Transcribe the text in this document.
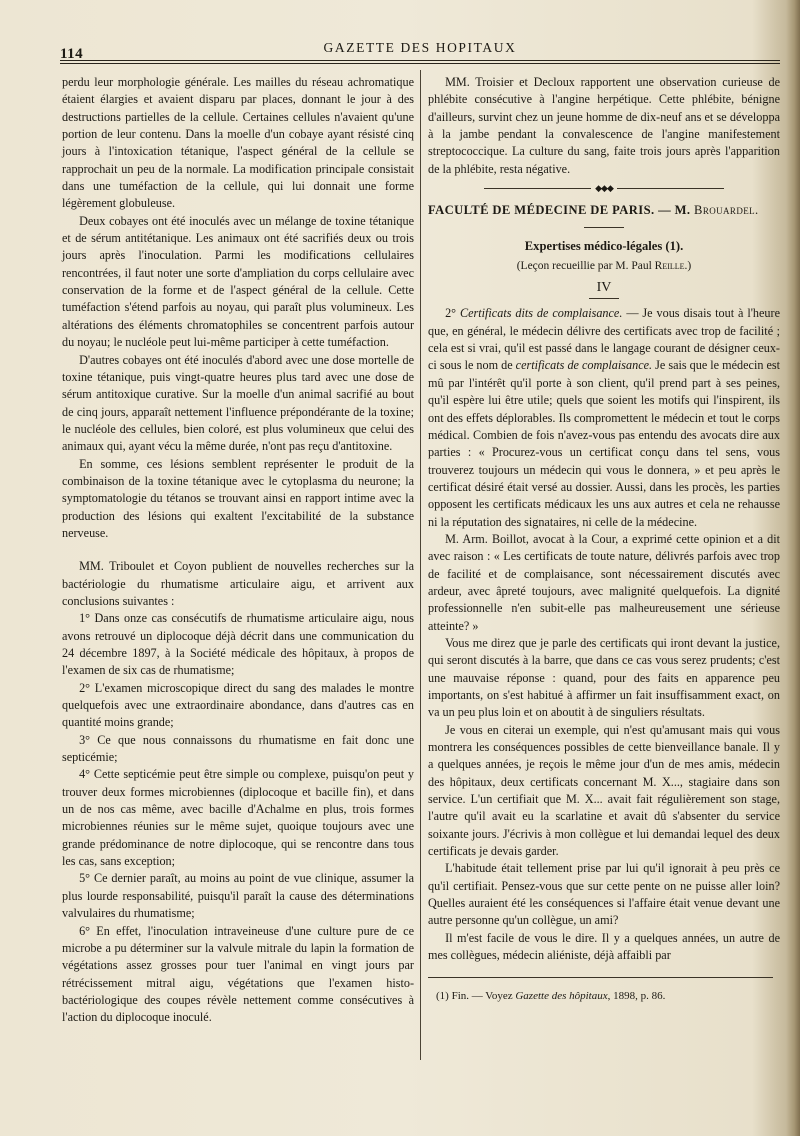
114	GAZETTE DES HOPITAUX

perdu leur morphologie générale. Les mailles du réseau achromatique étaient élargies et avaient disparu par places, donnant le jour à des destructions partielles de la cellule. Certaines cellules n'avaient qu'une portion de leur contenu. Dans la moelle d'un cobaye ayant résisté cinq jours à l'intoxication tétanique, l'aspect général de la cellule se rapprochait un peu de la normale. La modification principale consistait dans une tuméfaction de la cellule, qui lui donnait une forme légèrement globuleuse.

Deux cobayes ont été inoculés avec un mélange de toxine tétanique et de sérum antitétanique. Les animaux ont été sacrifiés deux ou trois jours après l'inoculation. Parmi les modifications cellulaires rencontrées, il faut noter une sorte d'ampliation du corps cellulaire avec conservation de la forme et de l'aspect général de la cellule. Cette tuméfaction s'étend parfois au noyau, qui paraît plus volumineux. Les altérations des éléments chromatophiles se concentrent parfois autour du noyau; le nucléole peut lui-même participer à cette tuméfaction.

D'autres cobayes ont été inoculés d'abord avec une dose mortelle de toxine tétanique, puis vingt-quatre heures plus tard avec une dose de sérum antitoxique curative. Sur la moelle d'un animal sacrifié au bout de cinq jours, apparaît nettement l'influence prépondérante de la toxine; le nucléole des cellules, bien coloré, est plus volumineux que celui des animaux qui, ayant vécu la même durée, n'ont pas reçu d'antitoxine.

En somme, ces lésions semblent représenter le produit de la combinaison de la toxine tétanique avec le cytoplasma du neurone; la symptomatologie du tétanos se trouvant ainsi en rapport intime avec la production des lésions qui exaltent l'excitabilité de la substance nerveuse.

MM. Triboulet et Coyon publient de nouvelles recherches sur la bactériologie du rhumatisme articulaire aigu, et arrivent aux conclusions suivantes :

1° Dans onze cas consécutifs de rhumatisme articulaire aigu, nous avons retrouvé un diplocoque déjà décrit dans une communication du 24 décembre 1897, à la Société médicale des hôpitaux, à propos de l'examen de six cas de rhumatisme;

2° L'examen microscopique direct du sang des malades le montre quelquefois avec une extraordinaire abondance, dans d'autres cas en quantité moins grande;

3° Ce que nous connaissons du rhumatisme en fait donc une septicémie;

4° Cette septicémie peut être simple ou complexe, puisqu'on peut y trouver deux formes microbiennes (diplocoque et bacille fin), et dans un de nos cas même, avec bacille d'Achalme en plus, trois formes microbiennes réunies sur le même sujet, quoique toujours avec une grande prédominance de notre diplocoque, qui se rencontre dans tous les cas, sans exception;

5° Ce dernier paraît, au moins au point de vue clinique, assumer la plus lourde responsabilité, puisqu'il paraît la cause des déterminations valvulaires du rhumatisme;

6° En effet, l'inoculation intraveineuse d'une culture pure de ce microbe a pu déterminer sur la valvule mitrale du lapin la formation de végétations assez grosses pour tuer l'animal en vingt jours par rétrécissement mitral aigu, végétations que l'examen histo-bactériologique des coupes révèle nettement comme consécutives à l'action du diplocoque inoculé.

MM. Troisier et Decloux rapportent une observation curieuse de phlébite consécutive à l'angine herpétique. Cette phlébite, bénigne d'ailleurs, survint chez un jeune homme de dix-neuf ans et se développa à la jambe pendant la convalescence de l'angine manifestement streptococcique. La culture du sang, faite trois jours après l'apparition de la phlébite, resta négative.

◆◆◆
FACULTÉ DE MÉDECINE DE PARIS. — M. Brouardel.
Expertises médico-légales (1).
(Leçon recueillie par M. Paul Reille.)
IV

2° Certificats dits de complaisance. — Je vous disais tout à l'heure que, en général, le médecin délivre des certificats avec trop de facilité ; cela est si vrai, qu'il est passé dans le langage courant de désigner ceux-ci sous le nom de certificats de complaisance. Je sais que le médecin est mû par l'intérêt qu'il porte à son client, qu'il prend part à ses peines, qu'il espère lui être utile; quels que soient les motifs qui l'inspirent, ils ont des effets déplorables. Ils compromettent le médecin et tout le corps médical. Combien de fois n'avez-vous pas entendu des avocats dire aux parties : « Procurez-vous un certificat conçu dans tel sens, vous trouverez toujours un médecin qui vous le donnera, » et peu après le certificat désiré était versé au dossier. Aussi, dans les procès, les parties opposent les certificats médicaux les uns aux autres et cela ne rehausse ni la réputation des signataires, ni celle de la médecine.

M. Arm. Boillot, avocat à la Cour, a exprimé cette opinion et a dit avec raison : « Les certificats de toute nature, délivrés parfois avec trop de facilité et de complaisance, sont nécessairement discutés avec ardeur, avec âpreté toujours, avec malignité quelquefois. La dignité professionnelle n'en subit-elle pas malheureusement une sérieuse atteinte? »

Vous me direz que je parle des certificats qui iront devant la justice, qui seront discutés à la barre, que dans ce cas vous serez prudents; c'est une mauvaise réponse : quand, pour des faits en apparence peu importants, on s'est habitué à affirmer un fait insuffisamment exact, on va un peu plus loin et on aboutit à de singuliers résultats.

Je vous en citerai un exemple, qui n'est qu'amusant mais qui vous montrera les conséquences possibles de cette bienveillance banale. Il y a quelques années, je reçois le même jour d'un de mes amis, médecin des hôpitaux, deux certificats concernant M. X..., stagiaire dans son service. L'un certifiait que M. X... avait fait régulièrement son stage, l'autre qu'il avait eu la scarlatine et avait dû s'absenter du service soixante jours. J'écrivis à mon collègue et lui demandai lequel des deux certificats je devais garder.

L'habitude était tellement prise par lui qu'il ignorait à peu près ce qu'il certifiait. Pensez-vous que sur cette pente on ne puisse aller loin? Quelles auraient été les conséquences si l'affaire était venue devant une autre personne qu'un collègue, un ami?

Il m'est facile de vous le dire. Il y a quelques années, un autre de mes collègues, médecin aliéniste, déjà affaibli par

(1) Fin. — Voyez Gazette des hôpitaux, 1898, p. 86.
